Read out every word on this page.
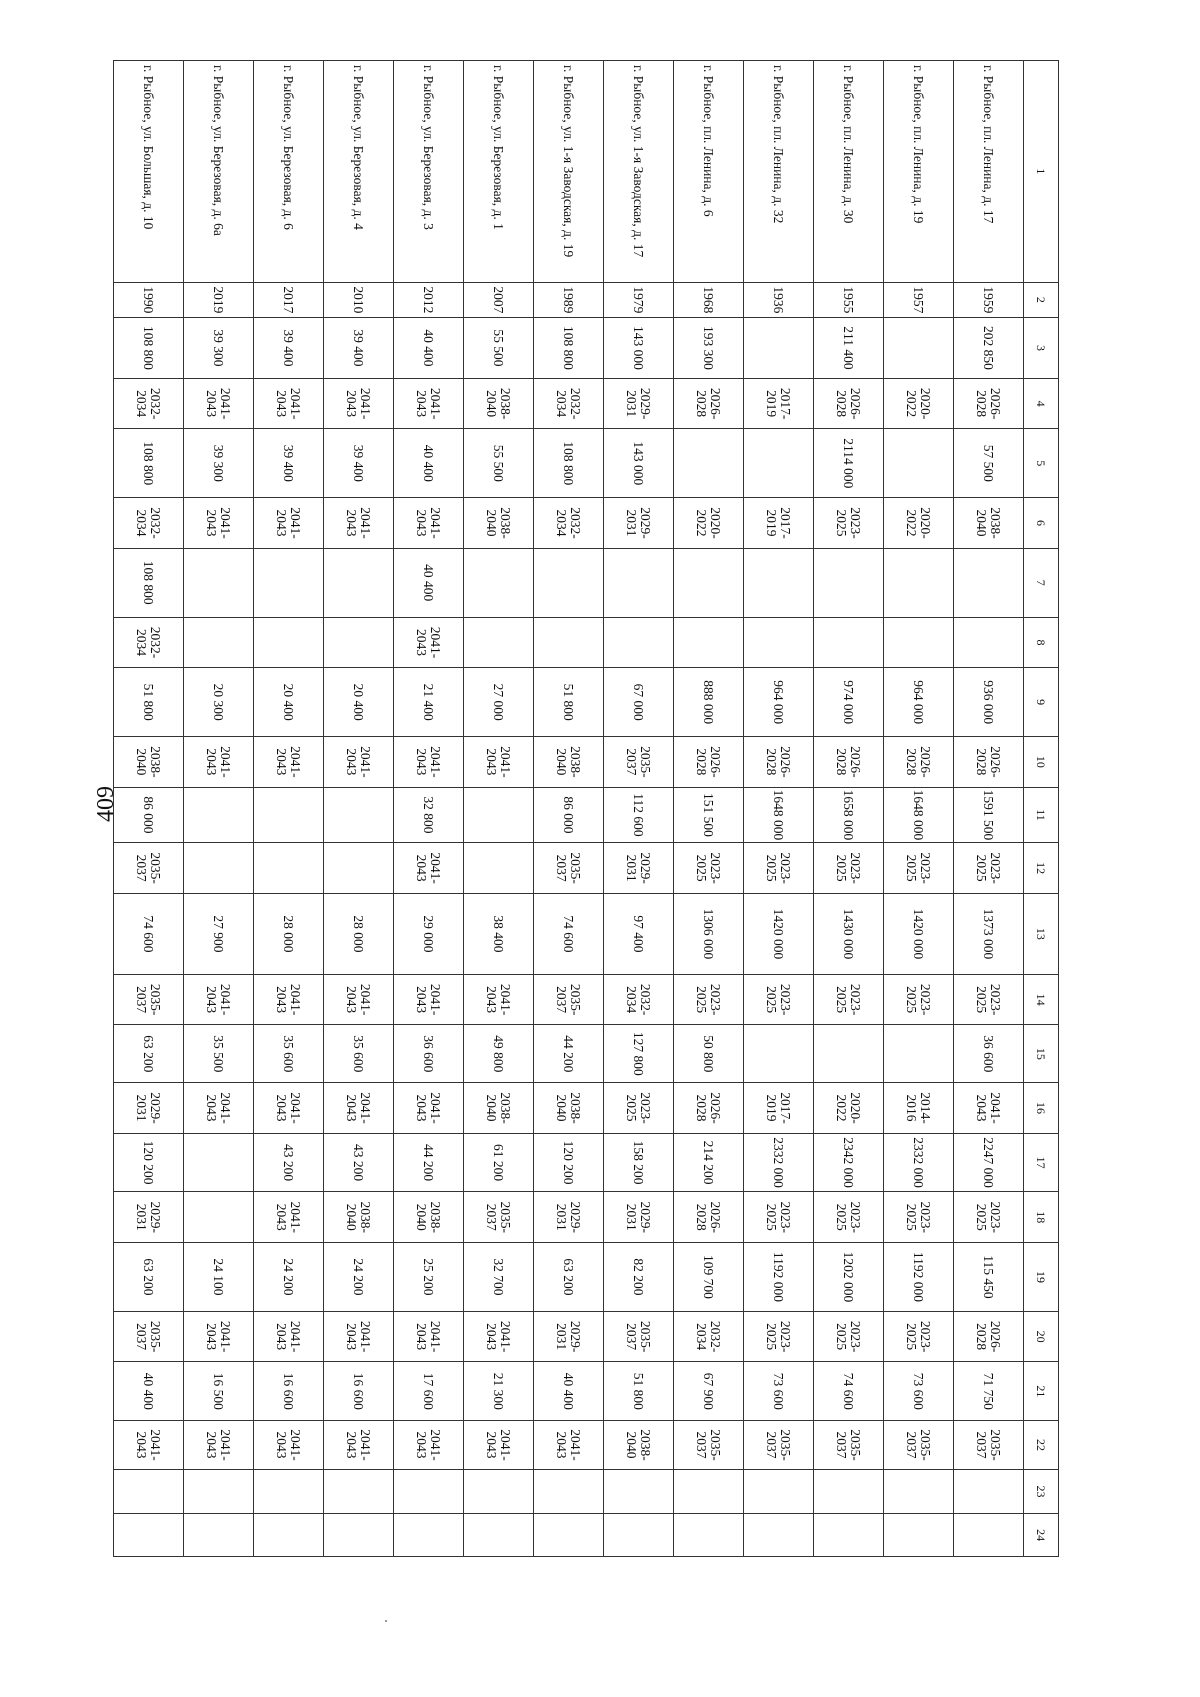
409
1	2	3	4	5	6	7	8	9	10	11	12	13	14	15	16	17	18	19	20	21	22	23	24
г. Рыбное, пл. Ленина, д. 17	1959	202 850	2026-2028	57 500	2038-2040			936 000	2026-2028	1591 500	2023-2025	1373 000	2023-2025	36 600	2041-2043	2247 000	2023-2025	115 450	2026-2028	71 750	2035-2037		
г. Рыбное, пл. Ленина, д. 19	1957		2020-2022		2020-2022			964 000	2026-2028	1648 000	2023-2025	1420 000	2023-2025		2014-2016	2332 000	2023-2025	1192 000	2023-2025	73 600	2035-2037		
г. Рыбное, пл. Ленина, д. 30	1955	211 400	2026-2028	2114 000	2023-2025			974 000	2026-2028	1658 000	2023-2025	1430 000	2023-2025		2020-2022	2342 000	2023-2025	1202 000	2023-2025	74 600	2035-2037		
г. Рыбное, пл. Ленина, д. 32	1936		2017-2019		2017-2019			964 000	2026-2028	1648 000	2023-2025	1420 000	2023-2025		2017-2019	2332 000	2023-2025	1192 000	2023-2025	73 600	2035-2037		
г. Рыбное, пл. Ленина, д. 6	1968	193 300	2026-2028		2020-2022			888 000	2026-2028	151 500	2023-2025	1306 000	2023-2025	50 800	2026-2028	214 200	2026-2028	109 700	2032-2034	67 900	2035-2037		
г. Рыбное, ул. 1-я Заводская, д. 17	1979	143 000	2029-2031	143 000	2029-2031			67 000	2035-2037	112 600	2029-2031	97 400	2032-2034	127 800	2023-2025	158 200	2029-2031	82 200	2035-2037	51 800	2038-2040		
г. Рыбное, ул. 1-я Заводская, д. 19	1989	108 800	2032-2034	108 800	2032-2034			51 800	2038-2040	86 000	2035-2037	74 600	2035-2037	44 200	2038-2040	120 200	2029-2031	63 200	2029-2031	40 400	2041-2043		
г. Рыбное, ул. Березовая, д. 1	2007	55 500	2038-2040	55 500	2038-2040			27 000	2041-2043			38 400	2041-2043	49 800	2038-2040	61 200	2035-2037	32 700	2041-2043	21 300	2041-2043		
г. Рыбное, ул. Березовая, д. 3	2012	40 400	2041-2043	40 400	2041-2043	40 400	2041-2043	21 400	2041-2043	32 800	2041-2043	29 000	2041-2043	36 600	2041-2043	44 200	2038-2040	25 200	2041-2043	17 600	2041-2043		
г. Рыбное, ул. Березовая, д. 4	2010	39 400	2041-2043	39 400	2041-2043			20 400	2041-2043			28 000	2041-2043	35 600	2041-2043	43 200	2038-2040	24 200	2041-2043	16 600	2041-2043		
г. Рыбное, ул. Березовая, д. 6	2017	39 400	2041-2043	39 400	2041-2043			20 400	2041-2043			28 000	2041-2043	35 600	2041-2043	43 200	2041-2043	24 200	2041-2043	16 600	2041-2043		
г. Рыбное, ул. Березовая, д. 6а	2019	39 300	2041-2043	39 300	2041-2043			20 300	2041-2043			27 900	2041-2043	35 500	2041-2043			24 100	2041-2043	16 500	2041-2043		
г. Рыбное, ул. Большая, д. 10	1990	108 800	2032-2034	108 800	2032-2034	108 800	2032-2034	51 800	2038-2040	86 000	2035-2037	74 600	2035-2037	63 200	2029-2031	120 200	2029-2031	63 200	2035-2037	40 400	2041-2043		
